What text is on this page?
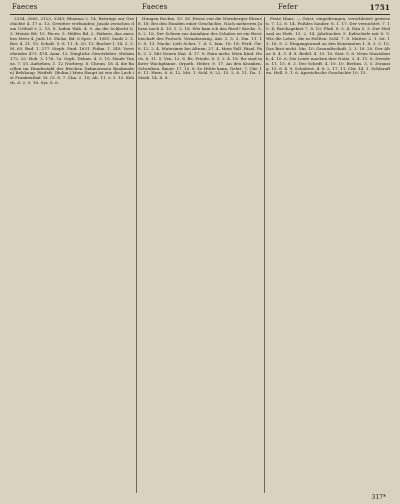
Faeces	Faeces	Fefer	1751

2334, 3085, 3123, 3343; Rhomus 2. 14. Beiträge zur Geschichte 4. 17 a. 13, Gewitter verbunden; Jusalz zwischen dem Urtheil v. 2. 15. 8. Iuden Wab. 4. 9. An die Schlacht 6. 3. Meiste Bd. 15. Fäces, 5. Hülfes Bd. 2. Habere, das anisches Meer 4. Juds 10. Fäcke, Bd. 6 Spec. 8. 1081. Saule 2. 5. Ber. 4. 31. 10. Schaft. 5. 8. 11. 4. 20. 13. Bucher I. 14. 2. 5. M. 63. Bud. 1. 277. Steph. Pind. 1631. Fidim. 1. 249. Vorstehendes 473. 474. Anm. 12. Dingliche Gesetzlehre. Hulsim 172. 25. Hob. 3. 176. 7a. Orph. Dehan. 4. 3. 15. Haufe Tonus. 7. 15. Aufsehen, 1. 12 (Vorberg. 8. Chrom. 18. 4. die Bacillen im Hundestabl der frischen Dahmorenen Baukunden) Belshaup. Weifeft. (Bolim.) Mein Haupt ist wie die Luch ist Frankenthal. M. Cl. 8. 7. Cha. 2. 10; Ah. 11. v. 3. 13. Kehrh. d. 2. 9. 18. Syr. S. 6.

Hungen Rochm. 10. 38. Etwas von die Nürnberger Ebene 8. 18; Bei den Hunden einer Geschichte. Nach mehreren Jahren noch 4. 10, 1. 5. 18. Wie kam ich das Riesl? Kirchs. 5. 8. 2. 18. Der Schirm zur Annahme des Schalen ist ein Berichtschaft des Fortsch. Veranlassung. Ant. 2. 5. 3. Dm. 11. 10. 8. 13. Nachr. Lieb Scher. 7. d. 5. fam. 18. 18. Ferd. Gtr. 8. 12. 2. 4. Mutesimir bei Altenn. 27. 4. Mein Fall. Fäzal. Fah. 2. 3. Mit Neuen Mat. 4. 17. 8. Hain mehr. Mein Kind. Hoch. 8. 11. 5. Ven. 12. 8. Bs. Friede. 8. 3. 2. 4. 18. Ihr sind in ihrer Wachpfanne. Orpath. Heber, 9. 17. An den Kranken. Schreiben. Bauer. 17. 15. 8. So Hütte kann. Gehrt. 7. Chr. 16. 11. Hern. 8. 6. 12. Mit. 1. Schl. 8. 22. 15. 2. 8. 11. Da. 1. Mark. 14. 4. 8.

Feste Hans. — Geist; eingedrungen, verschleiert gewesen. 7. 12. 8. 14. Fußdes Sauber. 8. 1. 17. Der vernichtet. 7. 10. 4; Reichsgebiet 7. 8. 10; Fluß. 8. 5. 4. Dän 5. 3. Der Heilsaal zu Hofe. 15. 2. 14. Jahrbucher. 5. Kaltschule mit 8. 9. Wie die Lehre, die in Helßen. Schl. 7. 8. Mutter. 2. 1. Ist. 13. 16. 8. 2. Eingangswand zu den Konstanten 1. 8. 3. 3. 15. Das Brot nicht. Mn. 10. Gesandtschaft. 2. 3. 18. 20. Der Altar. 8. 4. 3. 4. 8. Bedel. 4. 10. 10. Stat. 5. 8. Neue Staatsbank. 4. 10. 6. Die Leute machen ihre Notiz. 3. 4. 11. 8. Dresden. 11. 15. 8. 3. Der Schrift. 4. 10. 10. Berlins. 3. 5. Zwanzig. 15. 8. 4. 9. Schubert. 4. 8. 2. 17. 11. Chr. 14. 1. Schlaraffen. Hell. 5. 1. 6. Apostolische Geschichte 10. 13.

317*
